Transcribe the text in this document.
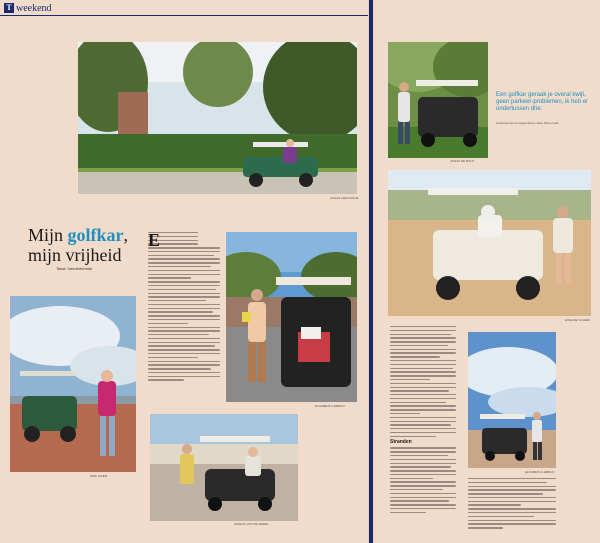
T weekend
JOHAN LIEFOOGHE
Mijn golfkar, mijn vrijheid
Tekst: Vanderbemde
DIRK WAEM
E
ELISABETH LEBRUN
GIDEON VAN DE WIERE
JOHAN DE BOCK
Een golfkar geraak je overal kwijt, geen parkeer-problemen, ik heb er ondertussen drie.
Gepensioneerd vastgoedman Jean-Pierre Gelb
EVELINE SCHEIR
Stranden
ELISABETH LEBRUN
